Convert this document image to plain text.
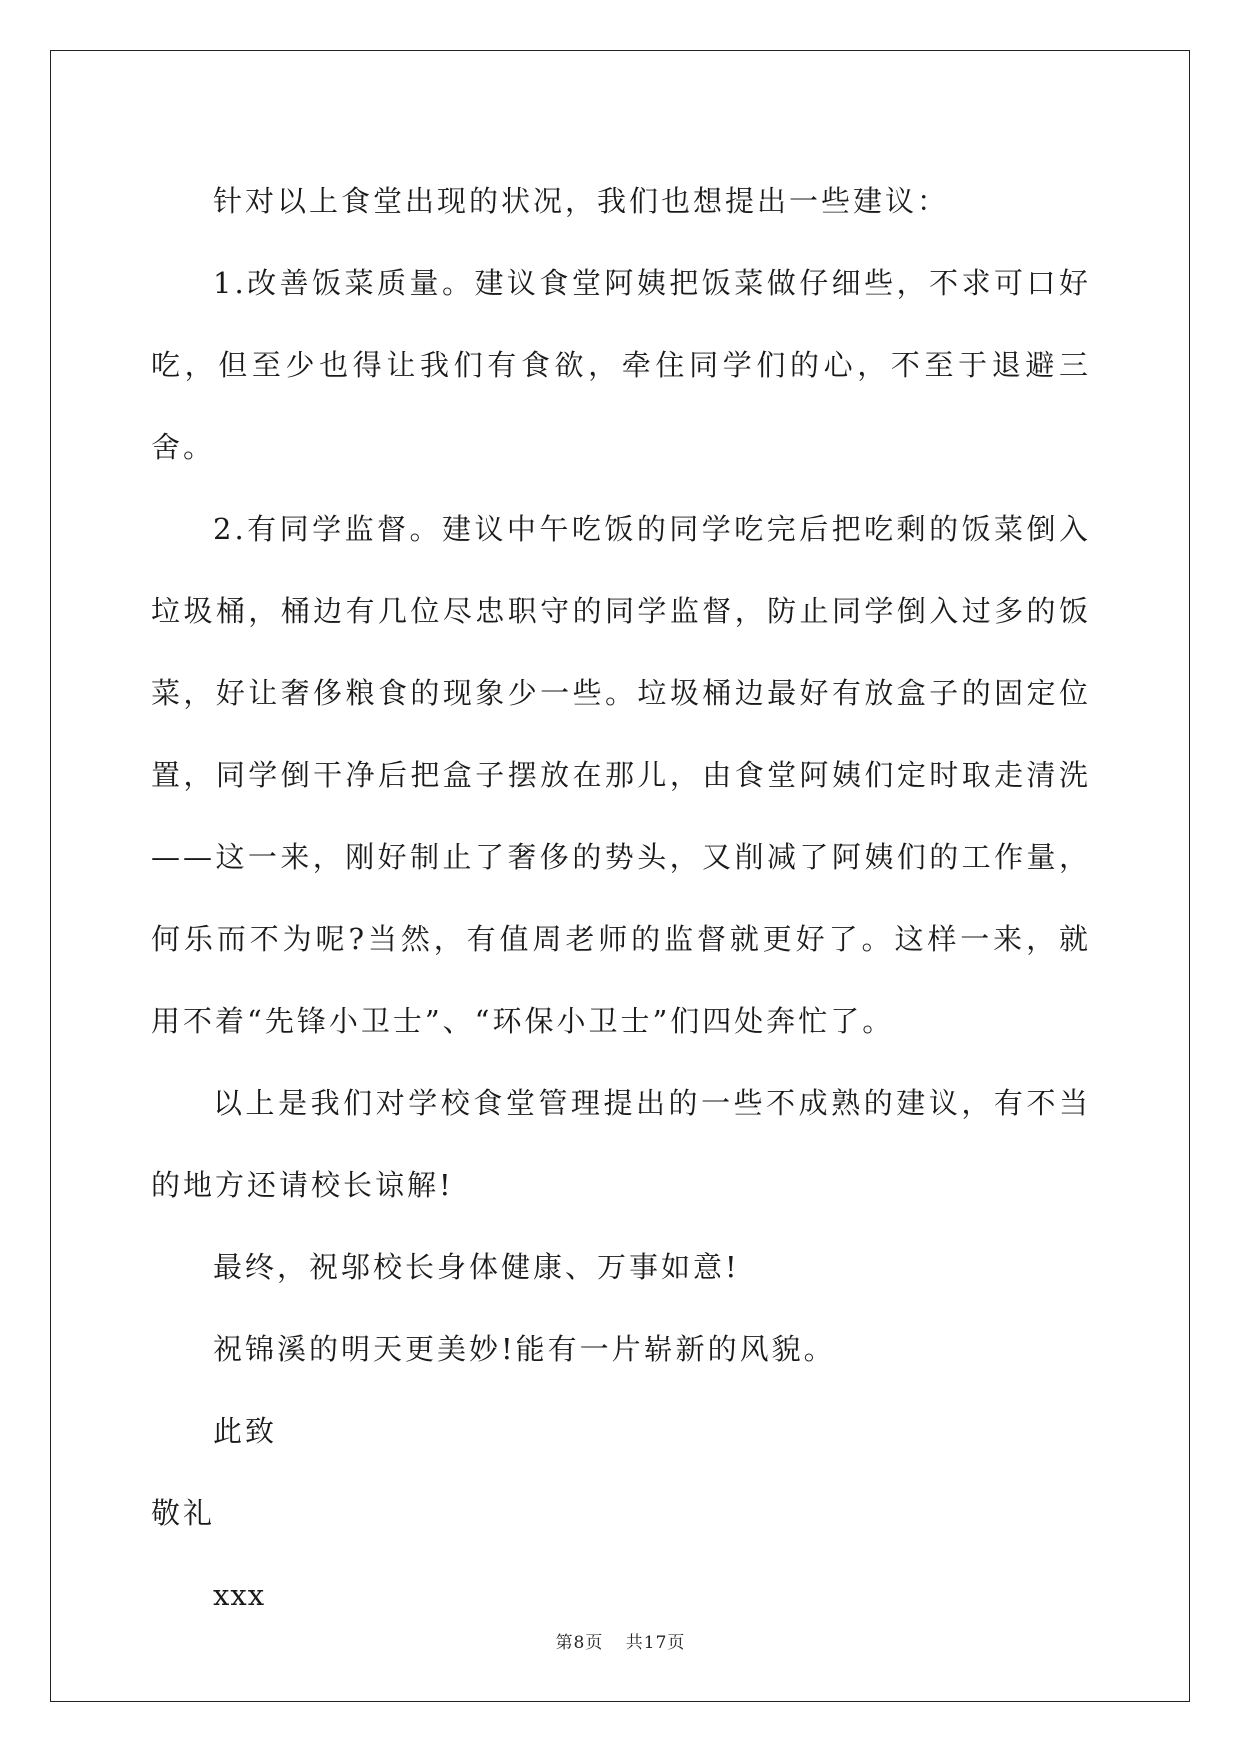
针对以上食堂出现的状况，我们也想提出一些建议：

1.改善饭菜质量。建议食堂阿姨把饭菜做仔细些，不求可口好吃，但至少也得让我们有食欲，牵住同学们的心，不至于退避三舍。

2.有同学监督。建议中午吃饭的同学吃完后把吃剩的饭菜倒入垃圾桶，桶边有几位尽忠职守的同学监督，防止同学倒入过多的饭菜，好让奢侈粮食的现象少一些。垃圾桶边最好有放盒子的固定位置，同学倒干净后把盒子摆放在那儿，由食堂阿姨们定时取走清洗——这一来，刚好制止了奢侈的势头，又削减了阿姨们的工作量，何乐而不为呢?当然，有值周老师的监督就更好了。这样一来，就用不着“先锋小卫士”、“环保小卫士”们四处奔忙了。

以上是我们对学校食堂管理提出的一些不成熟的建议，有不当的地方还请校长谅解!

最终，祝邬校长身体健康、万事如意!

祝锦溪的明天更美妙!能有一片崭新的风貌。

此致
敬礼
xxx
第8页 共17页
